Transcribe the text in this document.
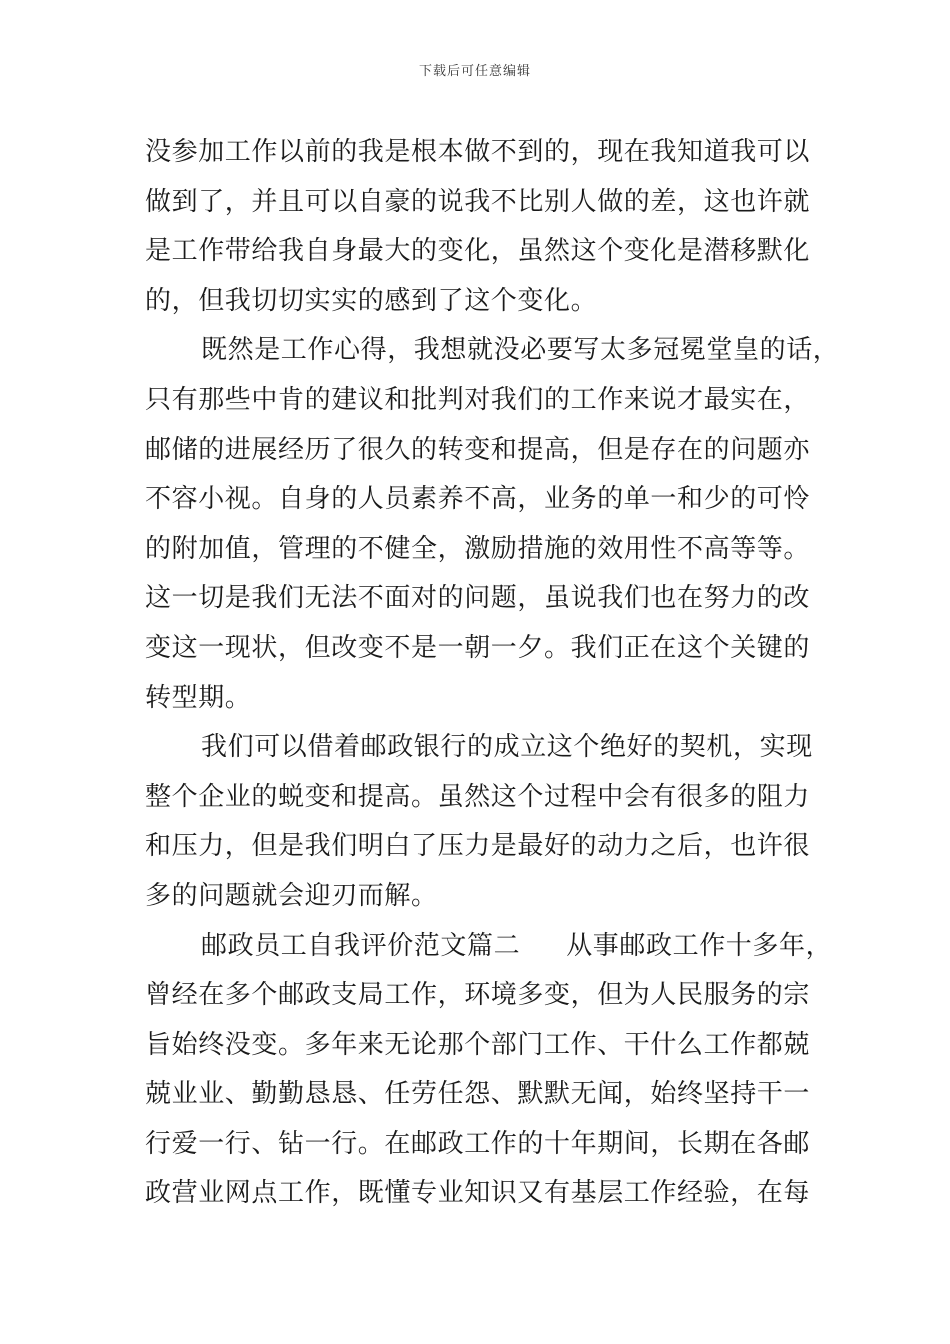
下载后可任意编辑
没参加工作以前的我是根本做不到的，现在我知道我可以
做到了，并且可以自豪的说我不比别人做的差，这也许就
是工作带给我自身最大的变化，虽然这个变化是潜移默化
的，但我切切实实的感到了这个变化。
既然是工作心得，我想就没必要写太多冠冕堂皇的话，
只有那些中肯的建议和批判对我们的工作来说才最实在，
邮储的进展经历了很久的转变和提高，但是存在的问题亦
不容小视。自身的人员素养不高，业务的单一和少的可怜
的附加值，管理的不健全，激励措施的效用性不高等等。
这一切是我们无法不面对的问题，虽说我们也在努力的改
变这一现状，但改变不是一朝一夕。我们正在这个关键的
转型期。
我们可以借着邮政银行的成立这个绝好的契机，实现
整个企业的蜕变和提高。虽然这个过程中会有很多的阻力
和压力，但是我们明白了压力是最好的动力之后，也许很
多的问题就会迎刃而解。
邮政员工自我评价范文篇二 从事邮政工作十多年，
曾经在多个邮政支局工作，环境多变，但为人民服务的宗
旨始终没变。多年来无论那个部门工作、干什么工作都兢
兢业业、勤勤恳恳、任劳任怨、默默无闻，始终坚持干一
行爱一行、钻一行。在邮政工作的十年期间，长期在各邮
政营业网点工作，既懂专业知识又有基层工作经验，在每
